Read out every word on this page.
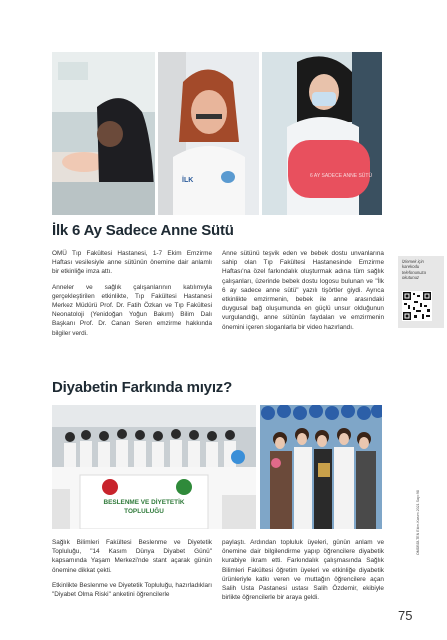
İLK
6 AY SADECE ANNE SÜTÜ
İlk 6 Ay Sadece Anne Sütü

OMÜ Tıp Fakültesi Hastanesi, 1-7 Ekim Emzirme Haftası vesilesiyle anne sütünün önemine dair anlamlı bir etkinliğe imza attı.

Anneler ve sağlık çalışanlarının katılımıyla gerçekleştirilen etkinlikte, Tıp Fakültesi Hastanesi Merkez Müdürü Prof. Dr. Fatih Özkan ve Tıp Fakültesi Neonatoloji (Yenidoğan Yoğun Bakım) Bilim Dalı Başkanı Prof. Dr. Canan Seren emzirme hakkında bilgiler verdi.

Anne sütünü teşvik eden ve bebek dostu unvanlarına sahip olan Tıp Fakültesi Hastanesinde Emzirme Haftası'na özel farkındalık oluşturmak adına tüm sağlık çalışanları, üzerinde bebek dostu logosu bulunan ve "İlk 6 ay sadece anne sütü" yazılı tişörtler giydi. Ayrıca etkinlikte emzirmenin, bebek ile anne arasındaki duygusal bağ oluşumunda en güçlü unsur olduğunun vurgulandığı, anne sütünün faydaları ve emzirmenin önemini içeren sloganlarla bir video hazırlandı.

İzlemek için karekodu telefonunuza okutunuz
Diyabetin Farkında mıyız?
BESLENME VE DİYETETİK
TOPLULUĞU

Sağlık Bilimleri Fakültesi Beslenme ve Diyetetik Topluluğu, "14 Kasım Dünya Diyabet Günü" kapsamında Yaşam Merkezi'nde stant açarak günün önemine dikkat çekti.

Etkinlikte Beslenme ve Diyetetik Topluluğu, hazırladıkları "Diyabet Olma Riski" anketini öğrencilerle

paylaştı. Ardından topluluk üyeleri, günün anlam ve önemine dair bilgilendirme yapıp öğrencilere diyabetik kurabiye ikram etti. Farkındalık çalışmasında Sağlık Bilimleri Fakültesi öğretim üyeleri ve etkinliğe diyabetik ürünleriyle katkı veren ve muttağın öğrencilere açan Salih Usta Pastanesi ustası Salih Özdemir, ekibiyle birlikte öğrencilerle bir araya geldi.

OMÜBÜLTEN Ekim-Kasım 2021 Sayı:98
75
